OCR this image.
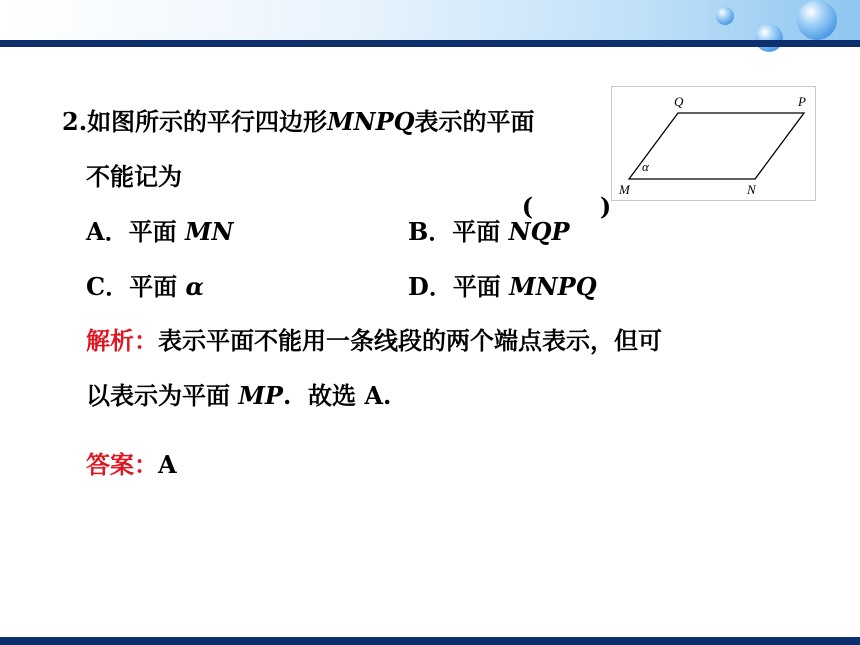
2.如图所示的平行四边形MNPQ表示的平面
不能记为

(        )

A．平面 MN	B．平面 NQP
C．平面 α	D．平面 MNPQ
解析：表示平面不能用一条线段的两个端点表示，但可
以表示为平面 MP.  故选 A.
答案：A
Q	P
M	N
α
